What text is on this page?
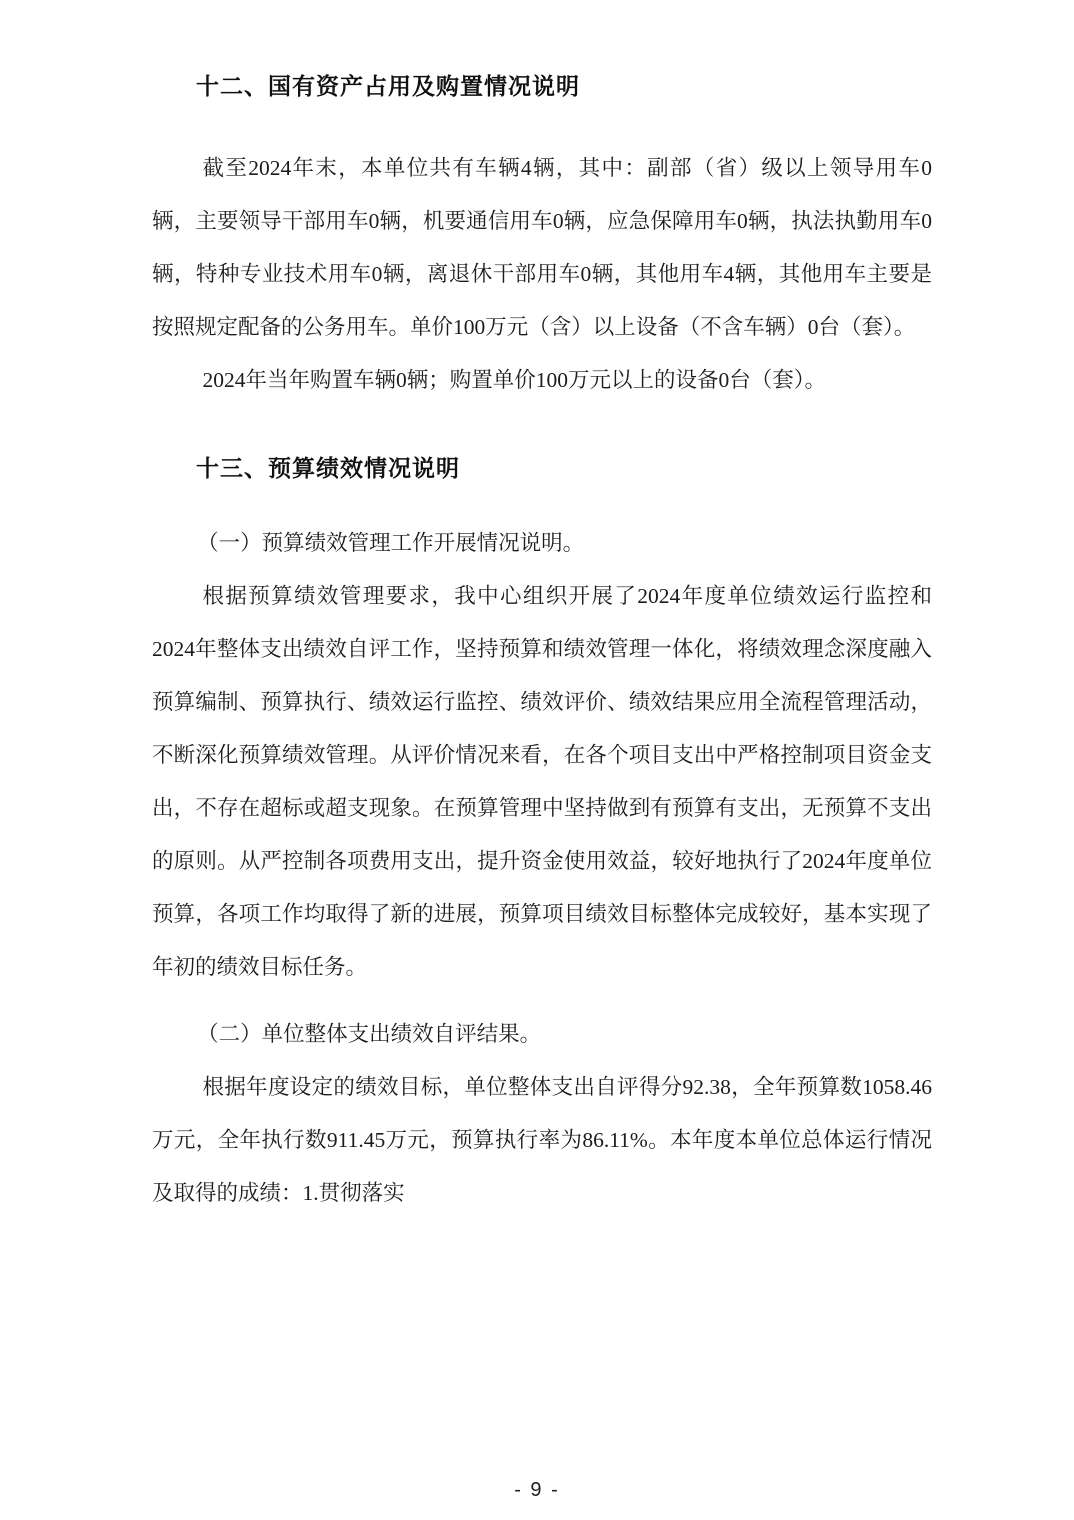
十二、国有资产占用及购置情况说明

截至2024年末，本单位共有车辆4辆，其中：副部（省）级以上领导用车0辆，主要领导干部用车0辆，机要通信用车0辆，应急保障用车0辆，执法执勤用车0辆，特种专业技术用车0辆，离退休干部用车0辆，其他用车4辆，其他用车主要是按照规定配备的公务用车。单价100万元（含）以上设备（不含车辆）0台（套）。

2024年当年购置车辆0辆；购置单价100万元以上的设备0台（套）。

十三、预算绩效情况说明

（一）预算绩效管理工作开展情况说明。

根据预算绩效管理要求，我中心组织开展了2024年度单位绩效运行监控和2024年整体支出绩效自评工作，坚持预算和绩效管理一体化，将绩效理念深度融入预算编制、预算执行、绩效运行监控、绩效评价、绩效结果应用全流程管理活动，不断深化预算绩效管理。从评价情况来看，在各个项目支出中严格控制项目资金支出，不存在超标或超支现象。在预算管理中坚持做到有预算有支出，无预算不支出的原则。从严控制各项费用支出，提升资金使用效益，较好地执行了2024年度单位预算，各项工作均取得了新的进展，预算项目绩效目标整体完成较好，基本实现了年初的绩效目标任务。

（二）单位整体支出绩效自评结果。

根据年度设定的绩效目标，单位整体支出自评得分92.38，全年预算数1058.46万元，全年执行数911.45万元，预算执行率为86.11%。本年度本单位总体运行情况及取得的成绩：1.贯彻落实

- 9 -
